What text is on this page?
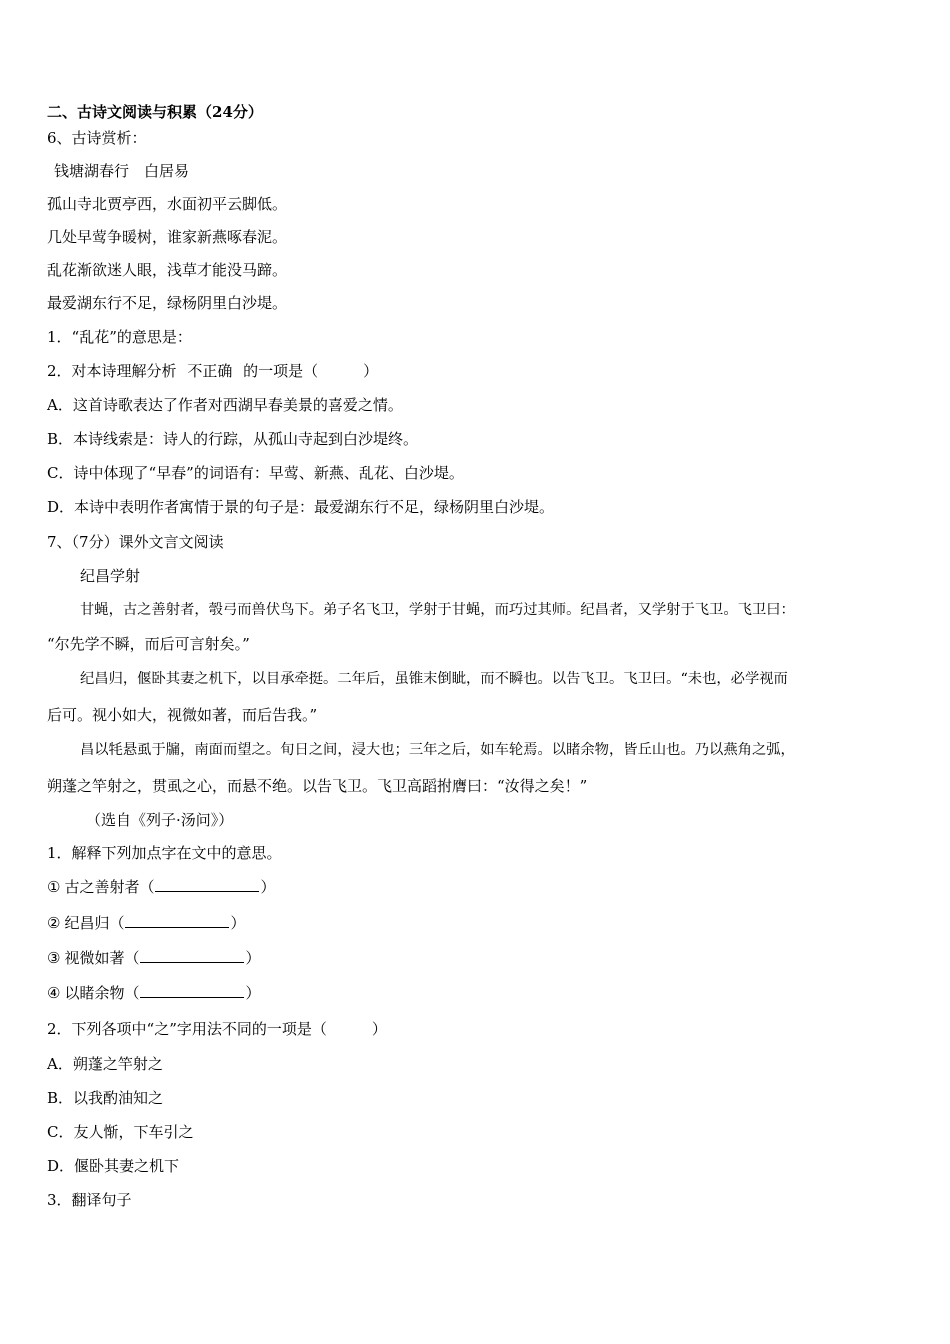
二、古诗文阅读与积累（24分）
6、古诗赏析：
钱塘湖春行　白居易
孤山寺北贾亭西，水面初平云脚低。
几处早莺争暖树，谁家新燕啄春泥。
乱花渐欲迷人眼，浅草才能没马蹄。
最爱湖东行不足，绿杨阴里白沙堤。
1．“乱花”的意思是：
2．对本诗理解分析 不正确 的一项是（　　　）
A．这首诗歌表达了作者对西湖早春美景的喜爱之情。
B．本诗线索是：诗人的行踪，从孤山寺起到白沙堤终。
C．诗中体现了“早春”的词语有：早莺、新燕、乱花、白沙堤。
D．本诗中表明作者寓情于景的句子是：最爱湖东行不足，绿杨阴里白沙堤。
7、（7分）课外文言文阅读
纪昌学射
甘蝇，古之善射者，彀弓而兽伏鸟下。弟子名飞卫，学射于甘蝇，而巧过其师。纪昌者，又学射于飞卫。飞卫曰：
“尔先学不瞬，而后可言射矣。”
纪昌归，偃卧其妻之机下，以目承牵挺。二年后，虽锥末倒眦，而不瞬也。以告飞卫。飞卫曰。“未也，必学视而
后可。视小如大，视微如著，而后告我。”
昌以牦悬虱于牖，南面而望之。旬日之间，浸大也；三年之后，如车轮焉。以睹余物，皆丘山也。乃以燕角之弧，
朔蓬之竿射之，贯虱之心，而悬不绝。以告飞卫。飞卫高蹈拊膺曰：“汝得之矣！”
（选自《列子·汤问》）
1．解释下列加点字在文中的意思。
① 古之善射者（	）
② 纪昌归（	）
③ 视微如著（	）
④ 以睹余物（	）
2．下列各项中“之”字用法不同的一项是（　　　）
A．朔蓬之竿射之
B．以我酌油知之
C．友人惭，下车引之
D．偃卧其妻之机下
3．翻译句子
